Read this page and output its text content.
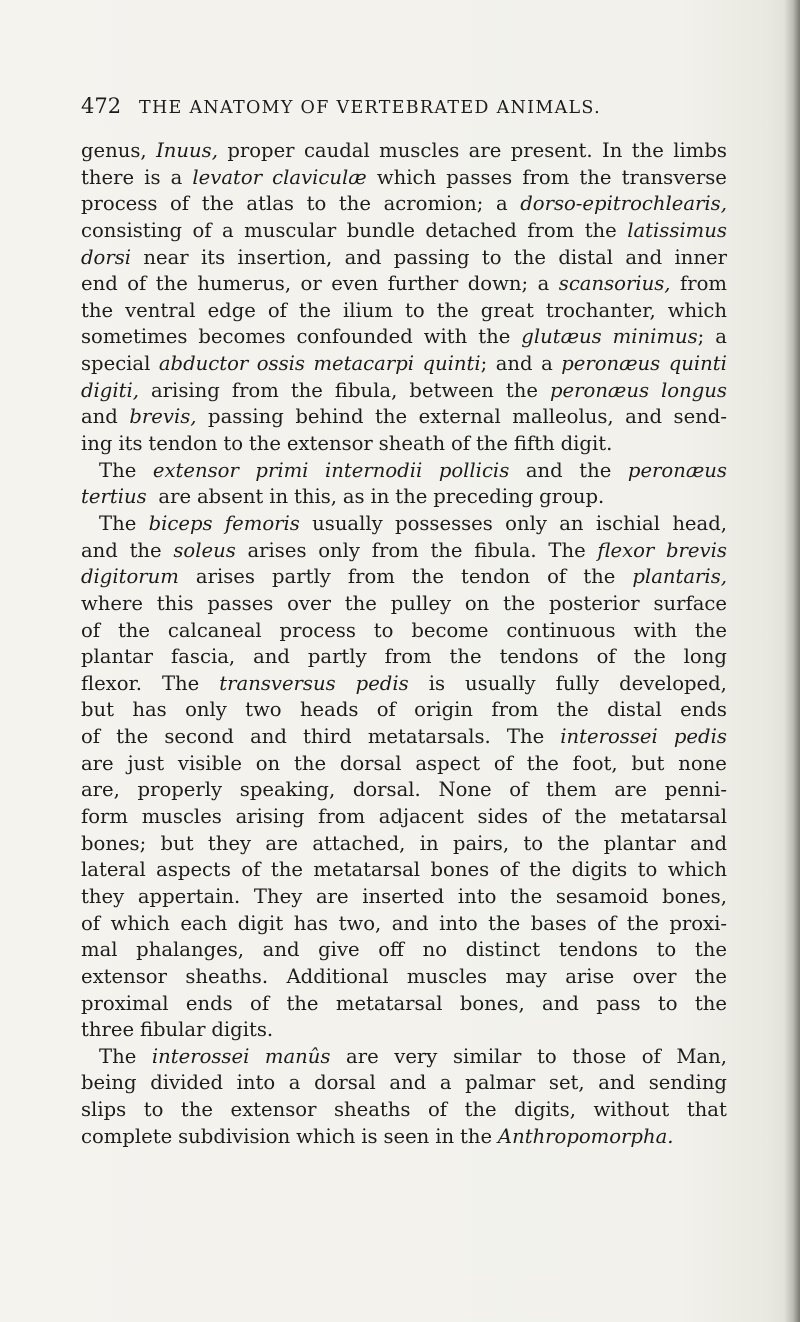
472 THE ANATOMY OF VERTEBRATED ANIMALS.
genus, Inuus, proper caudal muscles are present. In the limbs
there is a levator claviculæ which passes from the transverse
process of the atlas to the acromion; a dorso-epitrochlearis,
consisting of a muscular bundle detached from the latissimus
dorsi near its insertion, and passing to the distal and inner
end of the humerus, or even further down; a scansorius, from
the ventral edge of the ilium to the great trochanter, which
sometimes becomes confounded with the glutæus minimus; a
special abductor ossis metacarpi quinti; and a peronæus quinti
digiti, arising from the fibula, between the peronæus longus
and brevis, passing behind the external malleolus, and send-
ing its tendon to the extensor sheath of the fifth digit.
The extensor primi internodii pollicis and the peronæus
tertius are absent in this, as in the preceding group.
The biceps femoris usually possesses only an ischial head,
and the soleus arises only from the fibula. The flexor brevis
digitorum arises partly from the tendon of the plantaris,
where this passes over the pulley on the posterior surface
of the calcaneal process to become continuous with the
plantar fascia, and partly from the tendons of the long
flexor. The transversus pedis is usually fully developed,
but has only two heads of origin from the distal ends
of the second and third metatarsals. The interossei pedis
are just visible on the dorsal aspect of the foot, but none
are, properly speaking, dorsal. None of them are penni-
form muscles arising from adjacent sides of the metatarsal
bones; but they are attached, in pairs, to the plantar and
lateral aspects of the metatarsal bones of the digits to which
they appertain. They are inserted into the sesamoid bones,
of which each digit has two, and into the bases of the proxi-
mal phalanges, and give off no distinct tendons to the
extensor sheaths. Additional muscles may arise over the
proximal ends of the metatarsal bones, and pass to the
three fibular digits.
The interossei manûs are very similar to those of Man,
being divided into a dorsal and a palmar set, and sending
slips to the extensor sheaths of the digits, without that
complete subdivision which is seen in the Anthropomorpha.
